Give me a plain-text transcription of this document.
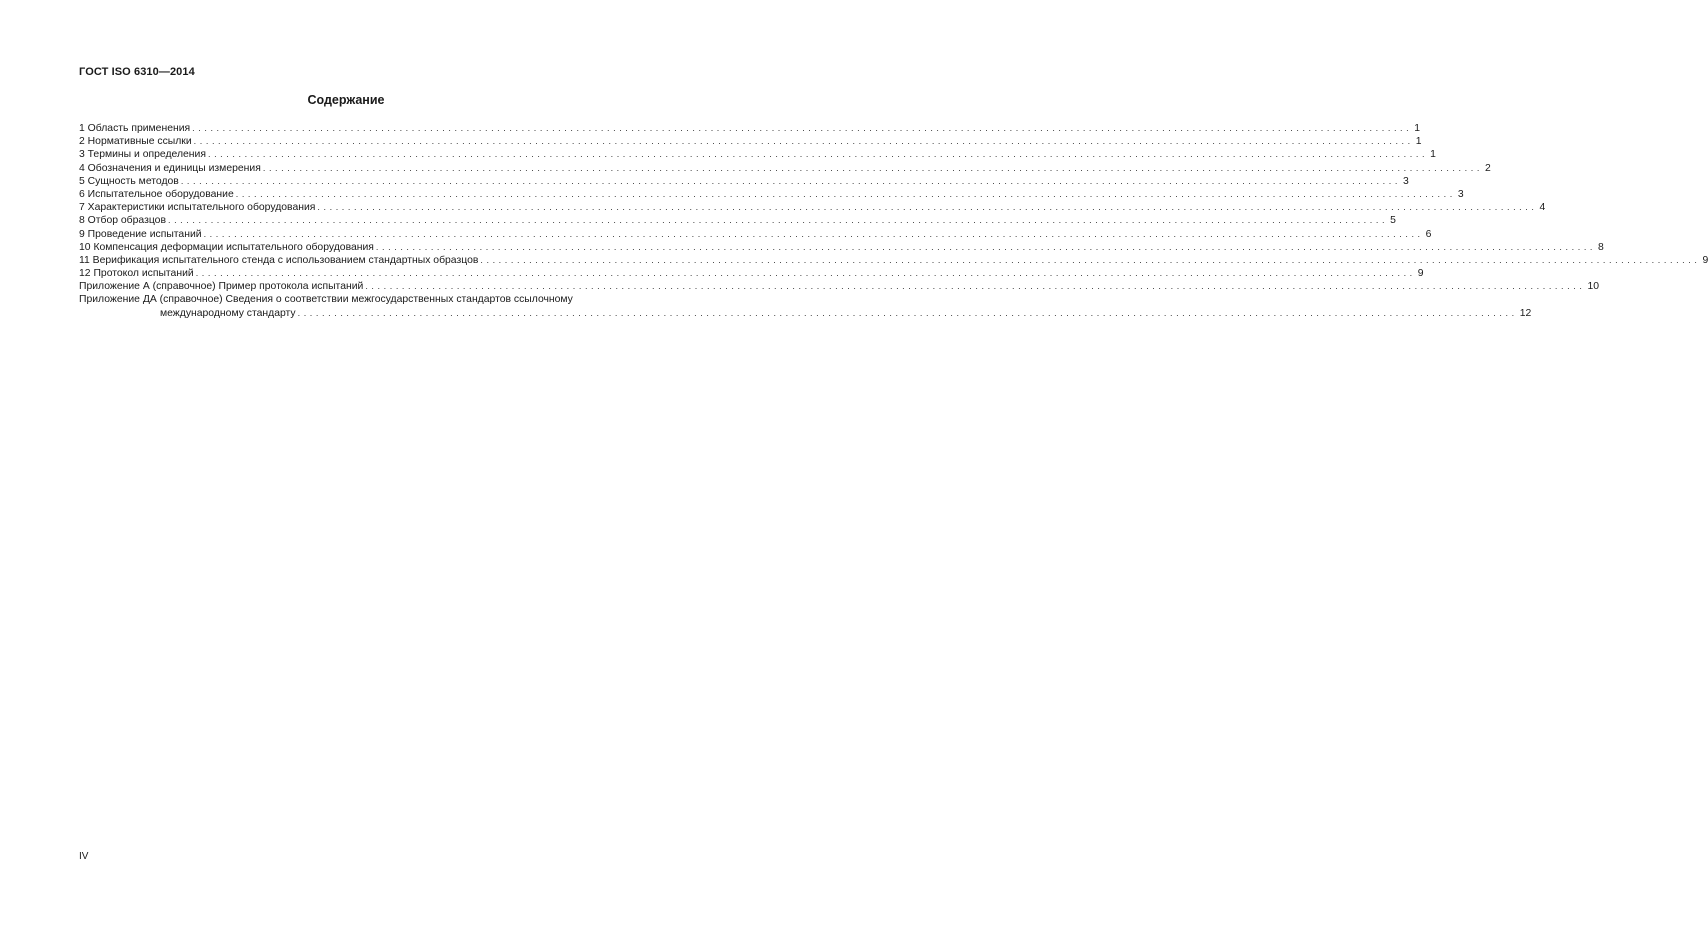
ГОСТ ISO 6310—2014
Содержание
1 Область применения ........................................................................................................................................................................................................ 1
2 Нормативные ссылки ........................................................................................................................................................................................................ 1
3 Термины и определения ........................................................................................................................................................................................................ 1
4 Обозначения и единицы измерения ........................................................................................................................................................................................................ 2
5 Сущность методов ........................................................................................................................................................................................................ 3
6 Испытательное оборудование ........................................................................................................................................................................................................ 3
7 Характеристики испытательного оборудования ........................................................................................................................................................................................................ 4
8 Отбор образцов ........................................................................................................................................................................................................ 5
9 Проведение испытаний ........................................................................................................................................................................................................ 6
10 Компенсация деформации испытательного оборудования ........................................................................................................................................................................................................ 8
11 Верификация испытательного стенда с использованием стандартных образцов ........................................................................................................................................................................................................ 9
12 Протокол испытаний ........................................................................................................................................................................................................ 9
Приложение А (справочное) Пример протокола испытаний ........................................................................................................................................................................................................ 10
Приложение ДА (справочное) Сведения о соответствии межгосударственных стандартов ссылочному
международному стандарту ........................................................................................................................................................................................................ 12
IV
